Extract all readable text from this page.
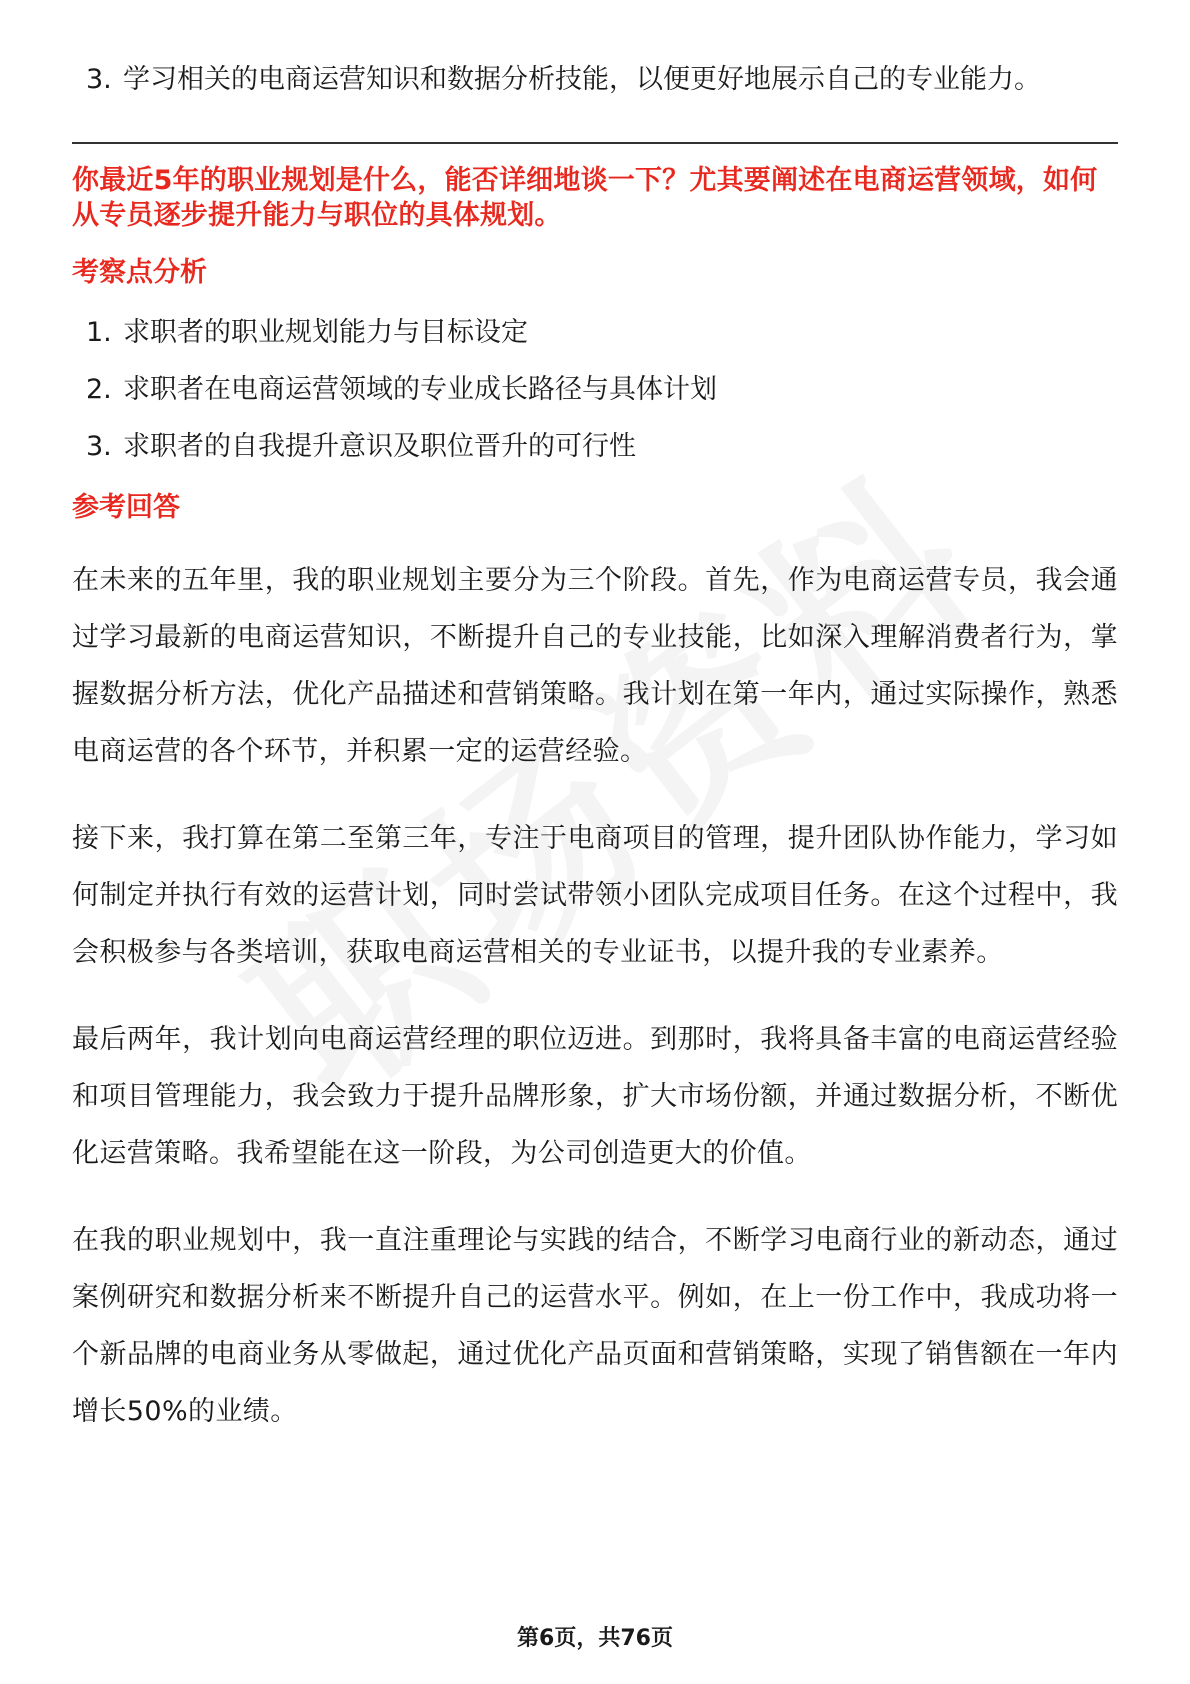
3. 学习相关的电商运营知识和数据分析技能，以便更好地展示自己的专业能力。
你最近5年的职业规划是什么，能否详细地谈一下？尤其要阐述在电商运营领域，如何从专员逐步提升能力与职位的具体规划。
考察点分析
1. 求职者的职业规划能力与目标设定
2. 求职者在电商运营领域的专业成长路径与具体计划
3. 求职者的自我提升意识及职位晋升的可行性
参考回答

在未来的五年里，我的职业规划主要分为三个阶段。首先，作为电商运营专员，我会通过学习最新的电商运营知识，不断提升自己的专业技能，比如深入理解消费者行为，掌握数据分析方法，优化产品描述和营销策略。我计划在第一年内，通过实际操作，熟悉电商运营的各个环节，并积累一定的运营经验。

接下来，我打算在第二至第三年，专注于电商项目的管理，提升团队协作能力，学习如何制定并执行有效的运营计划，同时尝试带领小团队完成项目任务。在这个过程中，我会积极参与各类培训，获取电商运营相关的专业证书，以提升我的专业素养。

最后两年，我计划向电商运营经理的职位迈进。到那时，我将具备丰富的电商运营经验和项目管理能力，我会致力于提升品牌形象，扩大市场份额，并通过数据分析，不断优化运营策略。我希望能在这一阶段，为公司创造更大的价值。

在我的职业规划中，我一直注重理论与实践的结合，不断学习电商行业的新动态，通过案例研究和数据分析来不断提升自己的运营水平。例如，在上一份工作中，我成功将一个新品牌的电商业务从零做起，通过优化产品页面和营销策略，实现了销售额在一年内增长50%的业绩。

第6页，共76页
